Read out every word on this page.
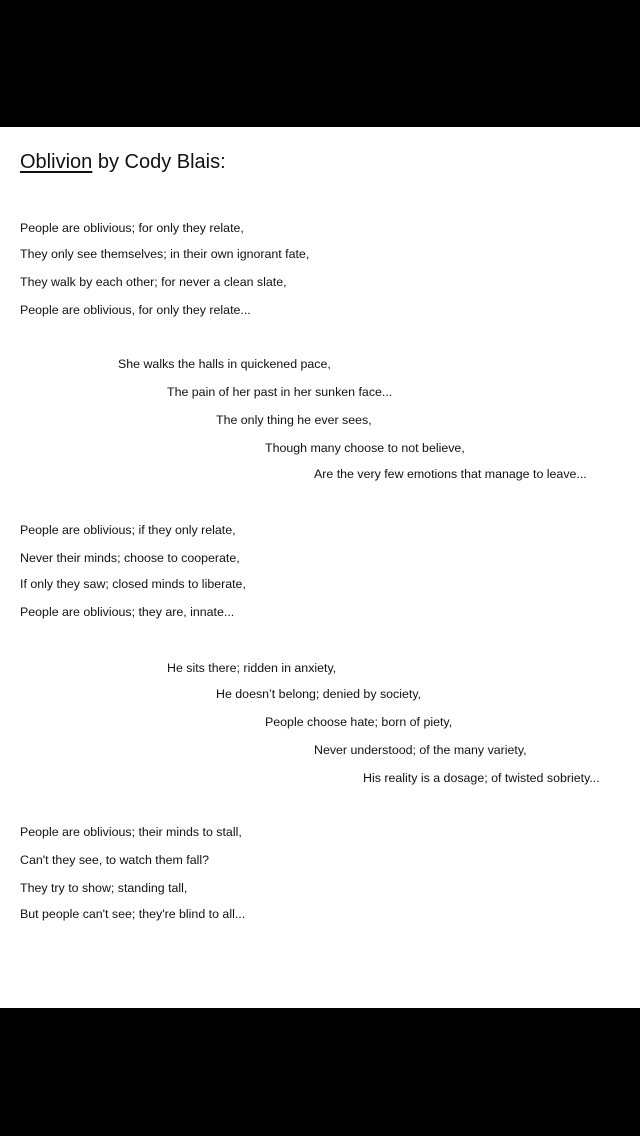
Oblivion by Cody Blais:
People are oblivious; for only they relate,
They only see themselves; in their own ignorant fate,
They walk by each other; for never a clean slate,
People are oblivious, for only they relate...
She walks the halls in quickened pace,
The pain of her past in her sunken face...
The only thing he ever sees,
Though many choose to not believe,
Are the very few emotions that manage to leave...
People are oblivious; if they only relate,
Never their minds; choose to cooperate,
If only they saw; closed minds to liberate,
People are oblivious; they are, innate...
He sits there; ridden in anxiety,
He doesn’t belong; denied by society,
People choose hate; born of piety,
Never understood; of the many variety,
His reality is a dosage; of twisted sobriety...
People are oblivious; their minds to stall,
Can't they see, to watch them fall?
They try to show; standing tall,
But people can't see; they're blind to all...
